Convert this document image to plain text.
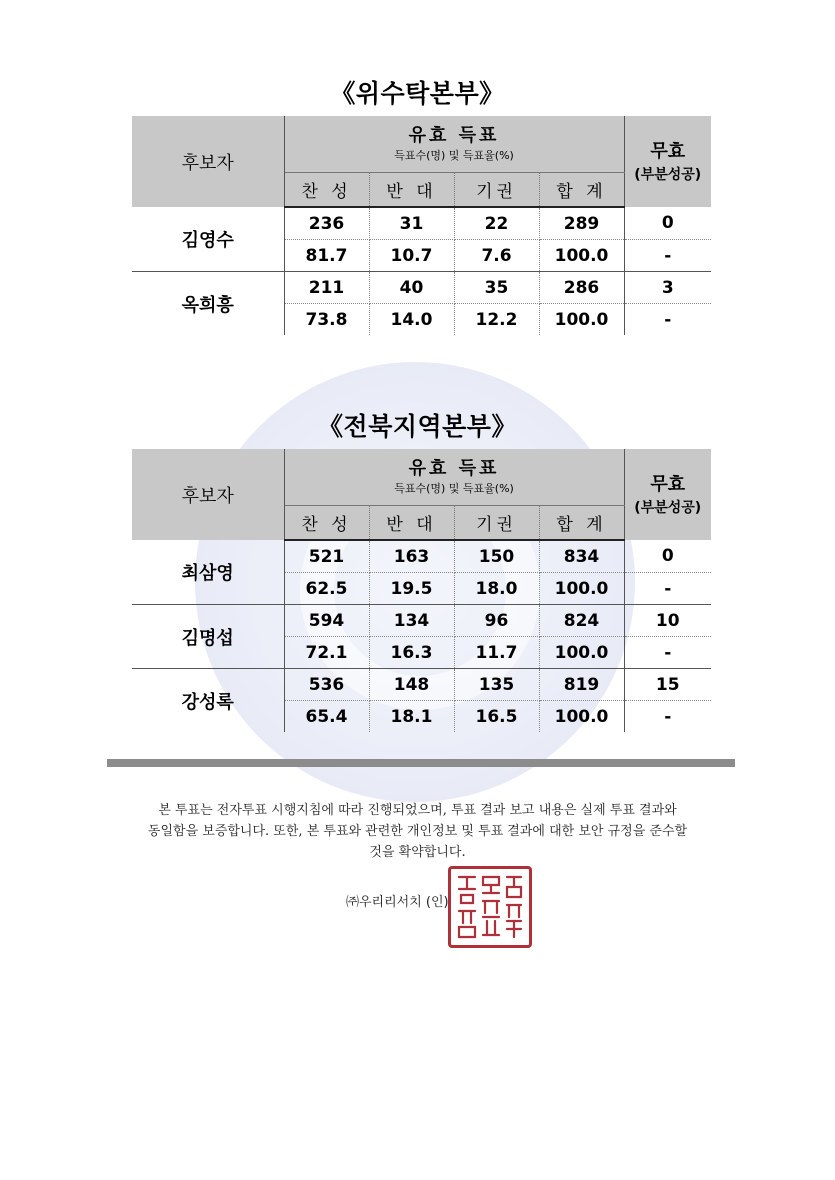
《위수탁본부》
후보자	유효 득표
득표수(명) 및 득표율(%)				무효
(부분성공)

	찬 성	반 대	기권	합 계	
김영수	236	31	22	289	0
	81.7	10.7	7.6	100.0	-
옥희흥	211	40	35	286	3
	73.8	14.0	12.2	100.0	-
《전북지역본부》
후보자	유효 득표
득표수(명) 및 득표율(%)				무효
(부분성공)

	찬 성	반 대	기권	합 계	
최삼영	521	163	150	834	0
	62.5	19.5	18.0	100.0	-
김명섭	594	134	96	824	10
	72.1	16.3	11.7	100.0	-
강성록	536	148	135	819	15
	65.4	18.1	16.5	100.0	-
본 투표는 전자투표 시행지침에 따라 진행되었으며, 투표 결과 보고 내용은 실제 투표 결과와
동일함을 보증합니다. 또한, 본 투표와 관련한 개인정보 및 투표 결과에 대한 보안 규정을 준수할
것을 확약합니다.
㈜우리리서치 (인)
